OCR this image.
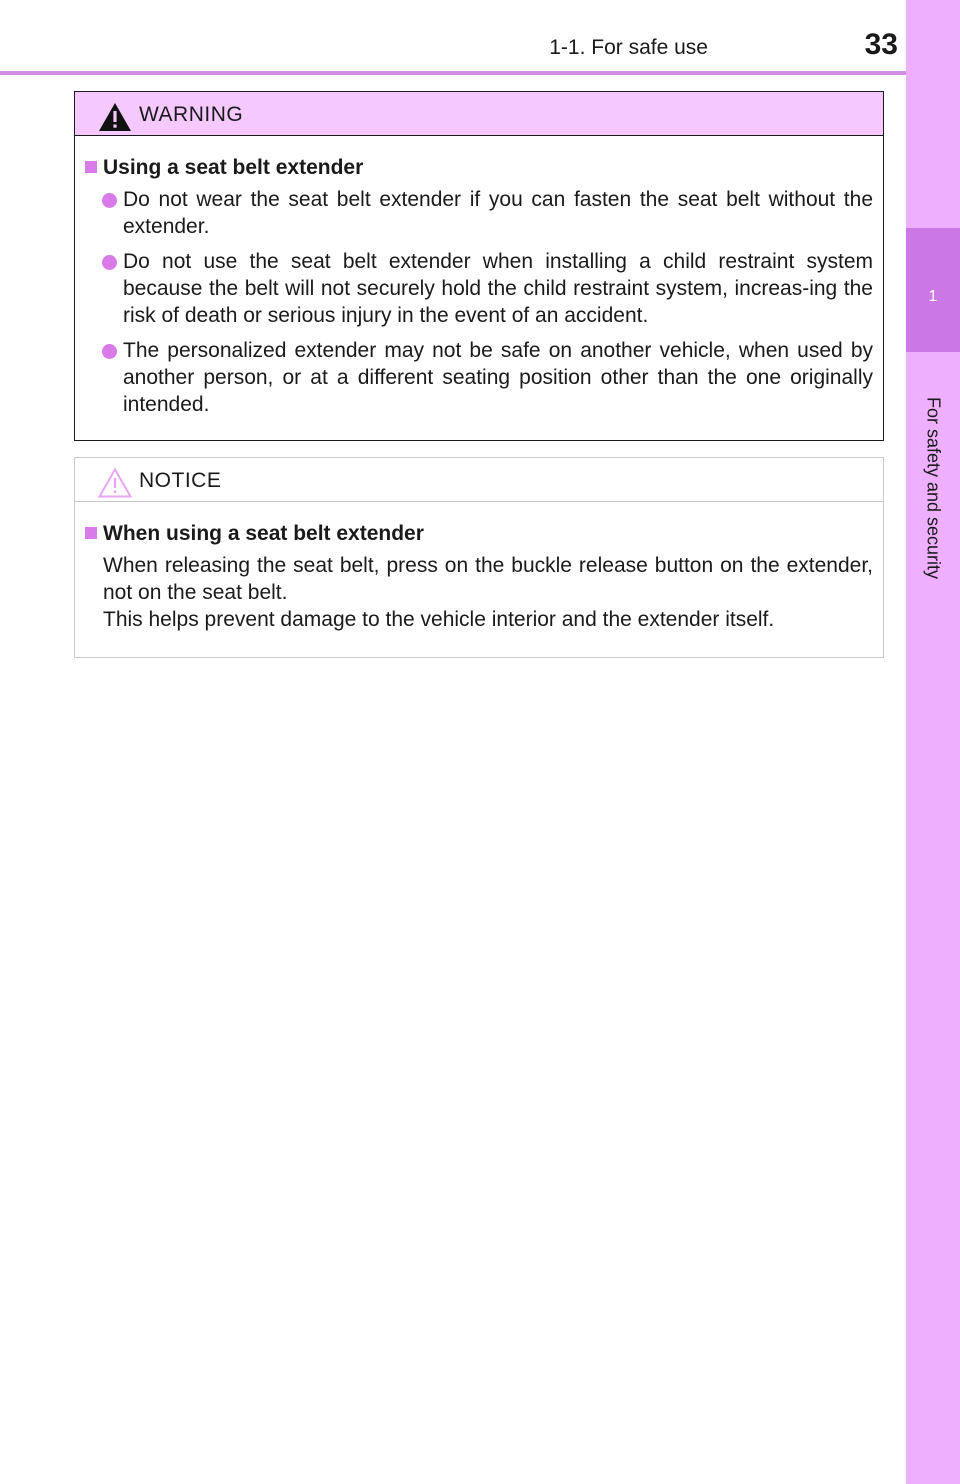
1-1. For safe use	33
1
For safety and security
WARNING
Using a seat belt extender
Do not wear the seat belt extender if you can fasten the seat belt without the extender.
Do not use the seat belt extender when installing a child restraint system because the belt will not securely hold the child restraint system, increas-ing the risk of death or serious injury in the event of an accident.
The personalized extender may not be safe on another vehicle, when used by another person, or at a different seating position other than the one originally intended.
NOTICE
When using a seat belt extender
When releasing the seat belt, press on the buckle release button on the extender, not on the seat belt.
This helps prevent damage to the vehicle interior and the extender itself.
